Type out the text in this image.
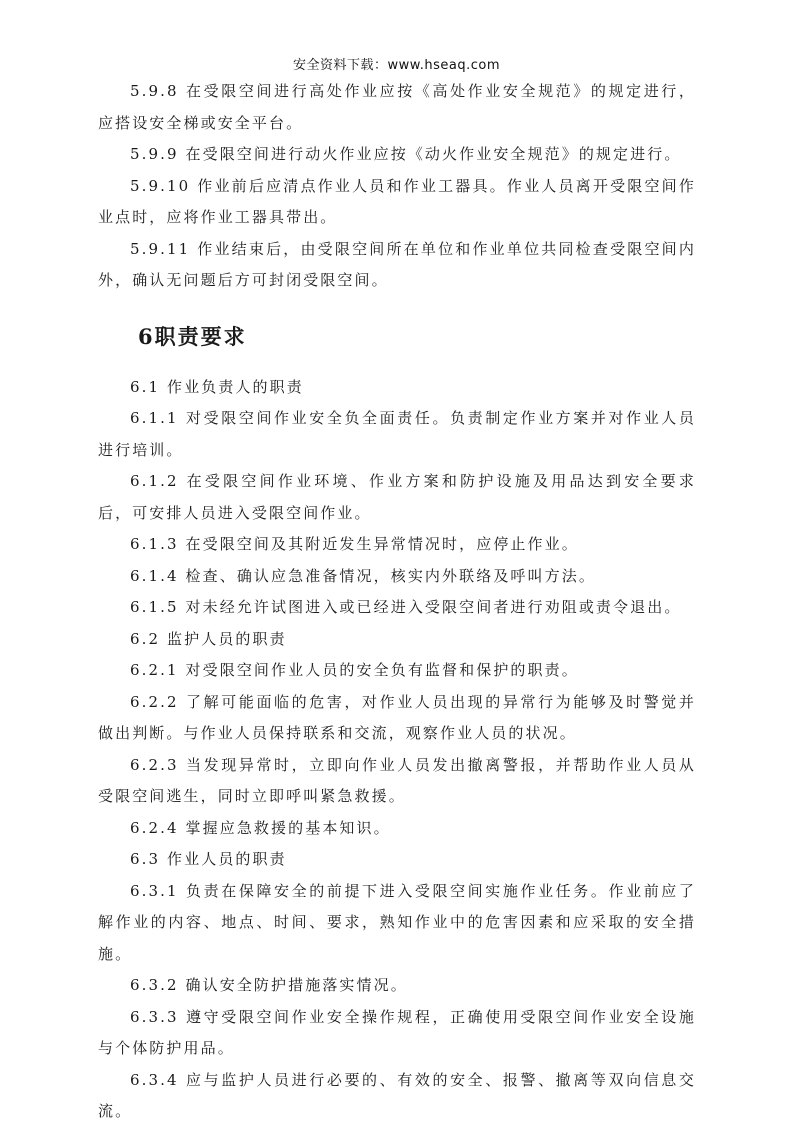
安全资料下载：www.hseaq.com

5.9.8 在受限空间进行高处作业应按《高处作业安全规范》的规定进行，应搭设安全梯或安全平台。

5.9.9 在受限空间进行动火作业应按《动火作业安全规范》的规定进行。

5.9.10 作业前后应清点作业人员和作业工器具。作业人员离开受限空间作业点时，应将作业工器具带出。

5.9.11 作业结束后，由受限空间所在单位和作业单位共同检查受限空间内外，确认无问题后方可封闭受限空间。

6职责要求

6.1 作业负责人的职责

6.1.1 对受限空间作业安全负全面责任。负责制定作业方案并对作业人员进行培训。

6.1.2 在受限空间作业环境、作业方案和防护设施及用品达到安全要求后，可安排人员进入受限空间作业。

6.1.3 在受限空间及其附近发生异常情况时，应停止作业。

6.1.4 检查、确认应急准备情况，核实内外联络及呼叫方法。

6.1.5 对未经允许试图进入或已经进入受限空间者进行劝阻或责令退出。

6.2 监护人员的职责

6.2.1 对受限空间作业人员的安全负有监督和保护的职责。

6.2.2 了解可能面临的危害，对作业人员出现的异常行为能够及时警觉并做出判断。与作业人员保持联系和交流，观察作业人员的状况。

6.2.3 当发现异常时，立即向作业人员发出撤离警报，并帮助作业人员从受限空间逃生，同时立即呼叫紧急救援。

6.2.4 掌握应急救援的基本知识。

6.3 作业人员的职责

6.3.1 负责在保障安全的前提下进入受限空间实施作业任务。作业前应了解作业的内容、地点、时间、要求，熟知作业中的危害因素和应采取的安全措施。

6.3.2 确认安全防护措施落实情况。

6.3.3 遵守受限空间作业安全操作规程，正确使用受限空间作业安全设施与个体防护用品。

6.3.4 应与监护人员进行必要的、有效的安全、报警、撤离等双向信息交流。
